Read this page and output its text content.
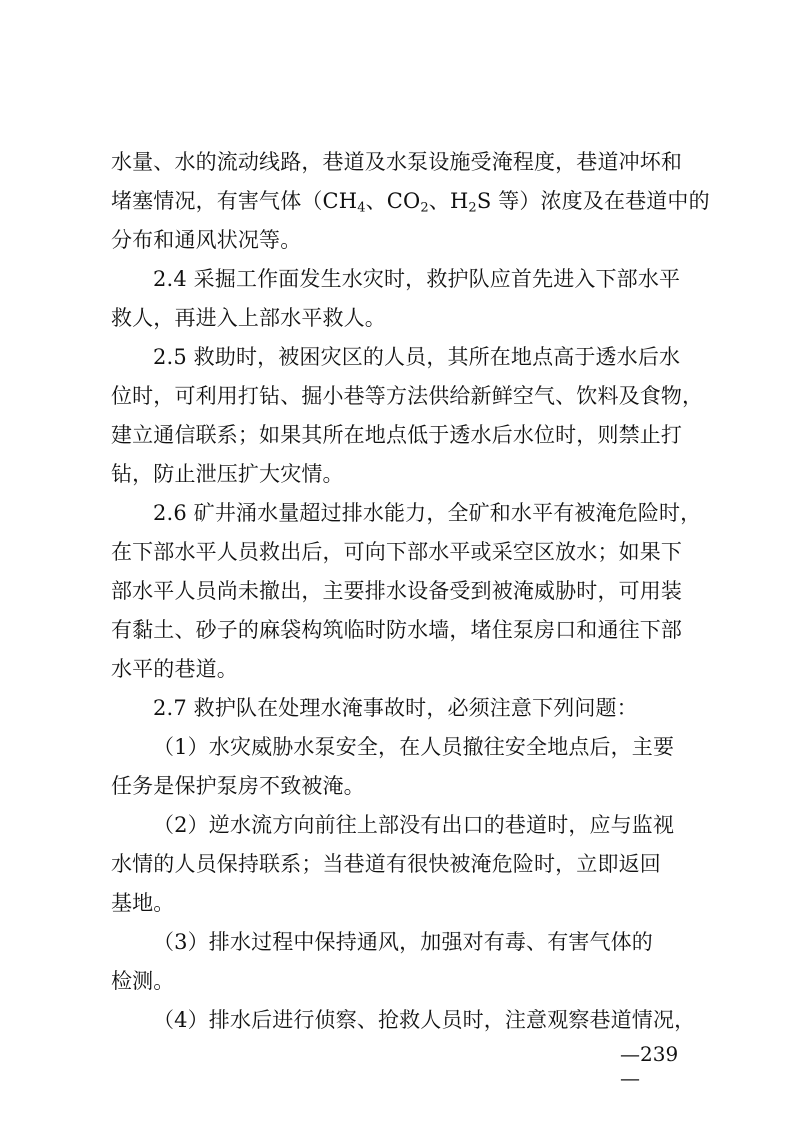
水量、水的流动线路，巷道及水泵设施受淹程度，巷道冲坏和
堵塞情况，有害气体（$CH_4$、$CO_2$、$H_2S$ 等）浓度及在巷道中的
分布和通风状况等。
2.4 采掘工作面发生水灾时，救护队应首先进入下部水平
救人，再进入上部水平救人。
2.5 救助时，被困灾区的人员，其所在地点高于透水后水
位时，可利用打钻、掘小巷等方法供给新鲜空气、饮料及食物，
建立通信联系；如果其所在地点低于透水后水位时，则禁止打
钻，防止泄压扩大灾情。
2.6 矿井涌水量超过排水能力，全矿和水平有被淹危险时，
在下部水平人员救出后，可向下部水平或采空区放水；如果下
部水平人员尚未撤出，主要排水设备受到被淹威胁时，可用装
有黏土、砂子的麻袋构筑临时防水墙，堵住泵房口和通往下部
水平的巷道。
2.7 救护队在处理水淹事故时，必须注意下列问题：
（1）水灾威胁水泵安全，在人员撤往安全地点后，主要
任务是保护泵房不致被淹。
（2）逆水流方向前往上部没有出口的巷道时，应与监视
水情的人员保持联系；当巷道有很快被淹危险时，立即返回
基地。
（3）排水过程中保持通风，加强对有毒、有害气体的
检测。
（4）排水后进行侦察、抢救人员时，注意观察巷道情况，
—239—
